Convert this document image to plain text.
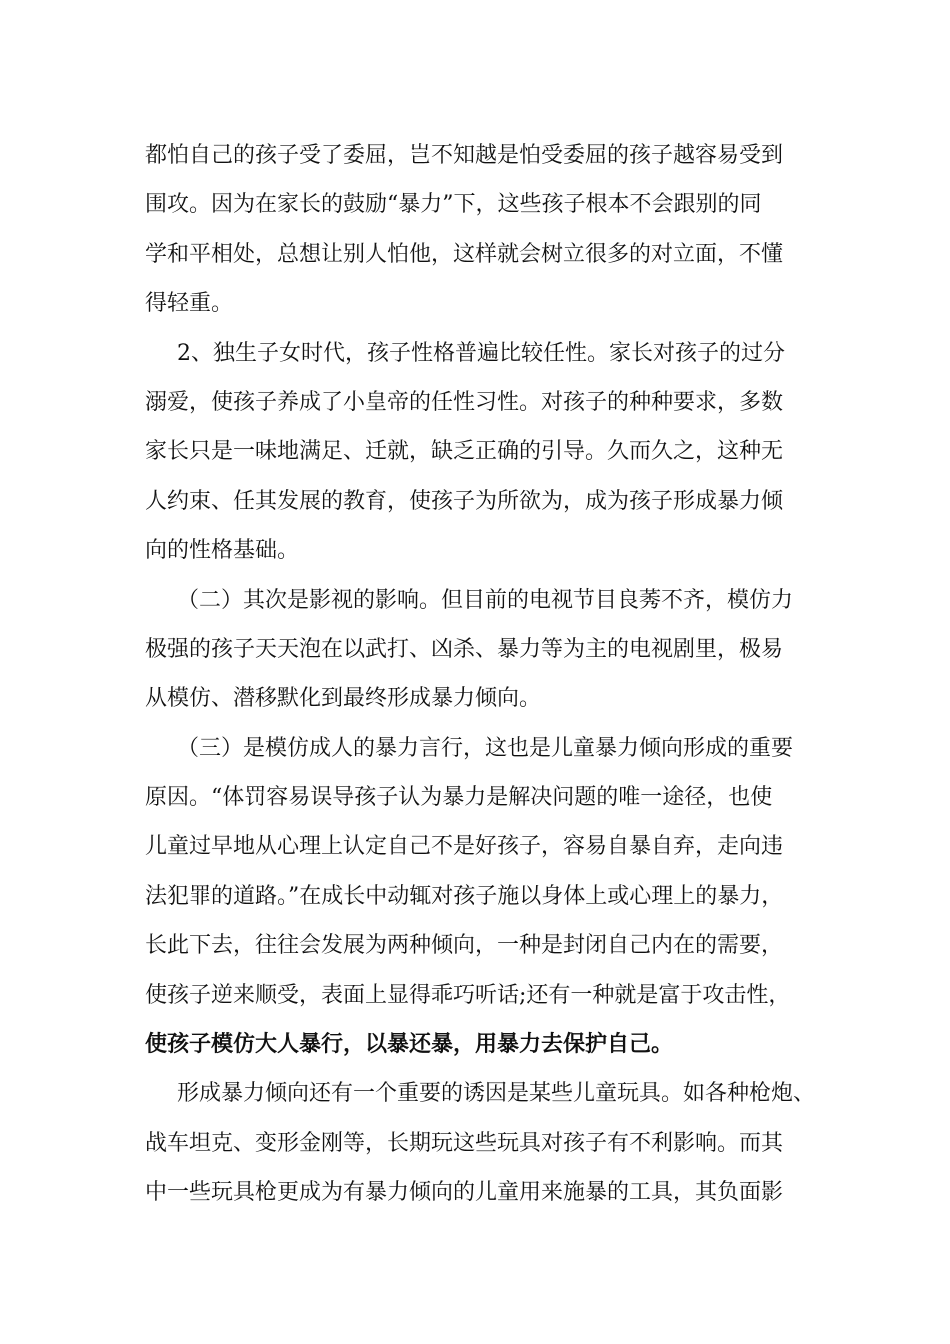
都怕自己的孩子受了委屈，岂不知越是怕受委屈的孩子越容易受到
围攻。因为在家长的鼓励“暴力”下，这些孩子根本不会跟别的同
学和平相处，总想让别人怕他，这样就会树立很多的对立面，不懂
得轻重。
2、独生子女时代，孩子性格普遍比较任性。家长对孩子的过分
溺爱，使孩子养成了小皇帝的任性习性。对孩子的种种要求，多数
家长只是一味地满足、迁就，缺乏正确的引导。久而久之，这种无
人约束、任其发展的教育，使孩子为所欲为，成为孩子形成暴力倾
向的性格基础。
（二）其次是影视的影响。但目前的电视节目良莠不齐，模仿力
极强的孩子天天泡在以武打、凶杀、暴力等为主的电视剧里，极易
从模仿、潜移默化到最终形成暴力倾向。
（三）是模仿成人的暴力言行，这也是儿童暴力倾向形成的重要
原因。“体罚容易误导孩子认为暴力是解决问题的唯一途径，也使
儿童过早地从心理上认定自己不是好孩子，容易自暴自弃，走向违
法犯罪的道路。”在成长中动辄对孩子施以身体上或心理上的暴力，
长此下去，往往会发展为两种倾向，一种是封闭自己内在的需要，
使孩子逆来顺受，表面上显得乖巧听话;还有一种就是富于攻击性，
使孩子模仿大人暴行，以暴还暴，用暴力去保护自己。
形成暴力倾向还有一个重要的诱因是某些儿童玩具。如各种枪炮、
战车坦克、变形金刚等，长期玩这些玩具对孩子有不利影响。而其
中一些玩具枪更成为有暴力倾向的儿童用来施暴的工具，其负面影
